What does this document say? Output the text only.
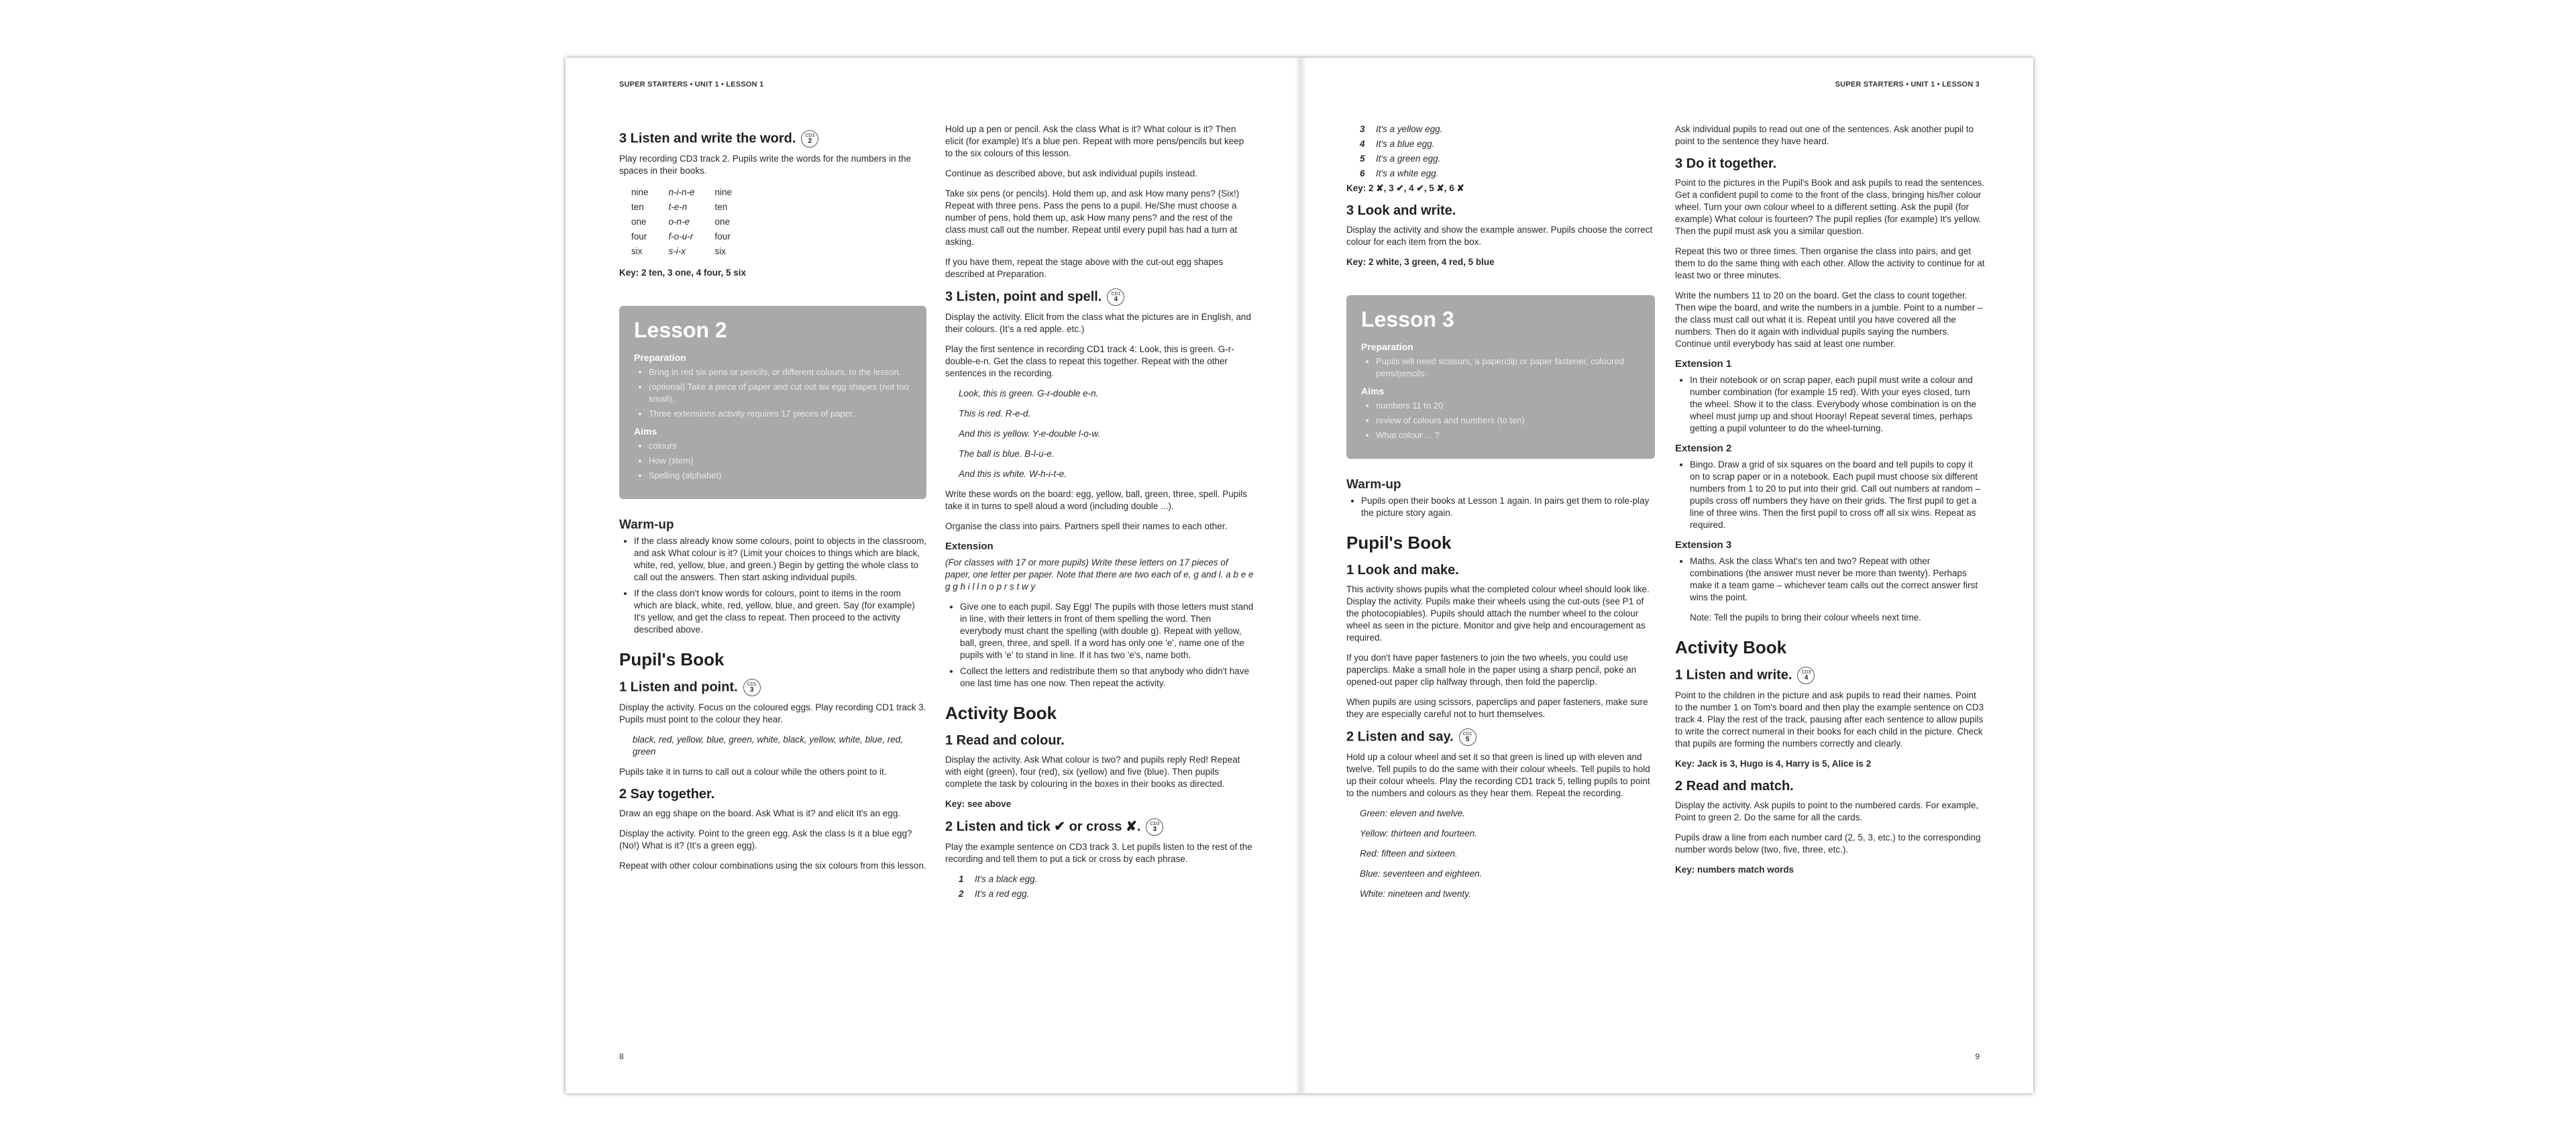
SUPER STARTERS • UNIT 1 • LESSON 1
3 Listen and write the word.	CD3
2

Play recording CD3 track 2. Pupils write the words for the numbers in the spaces in their books.

nine	n-i-n-e	nine
ten	t-e-n	ten
one	o-n-e	one
four	f-o-u-r	four
six	s-i-x	six

Key: 2 ten, 3 one, 4 four, 5 six

Lesson 2
Preparation
• Bring in red six pens or pencils, or different colours, to the lesson.
• (optional) Take a piece of paper and cut out six egg shapes (not too small).
• Three extensions activity requires 17 pieces of paper.
Aims
• colours
• How (stem)
• Spelling (alphabet)
Warm-up
• If the class already know some colours, point to objects in the classroom, and ask What colour is it? (Limit your choices to things which are black, white, red, yellow, blue, and green.) Begin by getting the whole class to call out the answers. Then start asking individual pupils.
• If the class don't know words for colours, point to items in the room which are black, white, red, yellow, blue, and green. Say (for example) It's yellow, and get the class to repeat. Then proceed to the activity described above.
Pupil's Book
1 Listen and point.	CD1
3

Display the activity. Focus on the coloured eggs. Play recording CD1 track 3. Pupils must point to the colour they hear.

black, red, yellow, blue, green, white, black, yellow, white, blue, red, green

Pupils take it in turns to call out a colour while the others point to it.

2 Say together.

Draw an egg shape on the board. Ask What is it? and elicit It's an egg.

Display the activity. Point to the green egg. Ask the class Is it a blue egg? (No!) What is it? (It's a green egg).

Repeat with other colour combinations using the six colours from this lesson.

Hold up a pen or pencil. Ask the class What is it? What colour is it? Then elicit (for example) It's a blue pen. Repeat with more pens/pencils but keep to the six colours of this lesson.

Continue as described above, but ask individual pupils instead.

Take six pens (or pencils). Hold them up, and ask How many pens? (Six!) Repeat with three pens. Pass the pens to a pupil. He/She must choose a number of pens, hold them up, ask How many pens? and the rest of the class must call out the number. Repeat until every pupil has had a turn at asking.

If you have them, repeat the stage above with the cut-out egg shapes described at Preparation.

3 Listen, point and spell.	CD1
4

Display the activity. Elicit from the class what the pictures are in English, and their colours. (It's a red apple. etc.)

Play the first sentence in recording CD1 track 4: Look, this is green. G-r-double-e-n. Get the class to repeat this together. Repeat with the other sentences in the recording.

Look, this is green. G-r-double e-n.

This is red. R-e-d.

And this is yellow. Y-e-double l-o-w.

The ball is blue. B-l-u-e.

And this is white. W-h-i-t-e.

Write these words on the board: egg, yellow, ball, green, three, spell. Pupils take it in turns to spell aloud a word (including double ...).

Organise the class into pairs. Partners spell their names to each other.

Extension

(For classes with 17 or more pupils) Write these letters on 17 pieces of paper, one letter per paper. Note that there are two each of e, g and l. a b e e g g h i l l n o p r s t w y

• Give one to each pupil. Say Egg! The pupils with those letters must stand in line, with their letters in front of them spelling the word. Then everybody must chant the spelling (with double g). Repeat with yellow, ball, green, three, and spell. If a word has only one 'e', name one of the pupils with 'e' to stand in line. If it has two 'e's, name both.
• Collect the letters and redistribute them so that anybody who didn't have one last time has one now. Then repeat the activity.
Activity Book
1 Read and colour.

Display the activity. Ask What colour is two? and pupils reply Red! Repeat with eight (green), four (red), six (yellow) and five (blue). Then pupils complete the task by colouring in the boxes in their books as directed.

Key: see above

2 Listen and tick ✔ or cross ✘.	CD3
3

Play the example sentence on CD3 track 3. Let pupils listen to the rest of the recording and tell them to put a tick or cross by each phrase.

1 It's a black egg.

2 It's a red egg.

8
SUPER STARTERS • UNIT 1 • LESSON 3

3 It's a yellow egg.

4 It's a blue egg.

5 It's a green egg.

6 It's a white egg.

Key: 2 ✘, 3 ✔, 4 ✔, 5 ✘, 6 ✘

3 Look and write.

Display the activity and show the example answer. Pupils choose the correct colour for each item from the box.

Key: 2 white, 3 green, 4 red, 5 blue

Lesson 3
Preparation
• Pupils will need scissors, a paperclip or paper fastener, coloured pens/pencils.
Aims
• numbers 11 to 20
• review of colours and numbers (to ten)
• What colour ... ?
Warm-up
• Pupils open their books at Lesson 1 again. In pairs get them to role-play the picture story again.
Pupil's Book
1 Look and make.

This activity shows pupils what the completed colour wheel should look like. Display the activity. Pupils make their wheels using the cut-outs (see P1 of the photocopiables). Pupils should attach the number wheel to the colour wheel as seen in the picture. Monitor and give help and encouragement as required.

If you don't have paper fasteners to join the two wheels, you could use paperclips. Make a small hole in the paper using a sharp pencil, poke an opened-out paper clip halfway through, then fold the paperclip.

When pupils are using scissors, paperclips and paper fasteners, make sure they are especially careful not to hurt themselves.

2 Listen and say.	CD1
5

Hold up a colour wheel and set it so that green is lined up with eleven and twelve. Tell pupils to do the same with their colour wheels. Tell pupils to hold up their colour wheels. Play the recording CD1 track 5, telling pupils to point to the numbers and colours as they hear them. Repeat the recording.

Green: eleven and twelve.

Yellow: thirteen and fourteen.

Red: fifteen and sixteen.

Blue: seventeen and eighteen.

White: nineteen and twenty.

Ask individual pupils to read out one of the sentences. Ask another pupil to point to the sentence they have heard.

3 Do it together.

Point to the pictures in the Pupil's Book and ask pupils to read the sentences. Get a confident pupil to come to the front of the class, bringing his/her colour wheel. Turn your own colour wheel to a different setting. Ask the pupil (for example) What colour is fourteen? The pupil replies (for example) It's yellow. Then the pupil must ask you a similar question.

Repeat this two or three times. Then organise the class into pairs, and get them to do the same thing with each other. Allow the activity to continue for at least two or three minutes.

Write the numbers 11 to 20 on the board. Get the class to count together. Then wipe the board, and write the numbers in a jumble. Point to a number – the class must call out what it is. Repeat until you have covered all the numbers. Then do it again with individual pupils saying the numbers. Continue until everybody has said at least one number.

Extension 1
• In their notebook or on scrap paper, each pupil must write a colour and number combination (for example 15 red). With your eyes closed, turn the wheel. Show it to the class. Everybody whose combination is on the wheel must jump up and shout Hooray! Repeat several times, perhaps getting a pupil volunteer to do the wheel-turning.
Extension 2
• Bingo. Draw a grid of six squares on the board and tell pupils to copy it on to scrap paper or in a notebook. Each pupil must choose six different numbers from 1 to 20 to put into their grid. Call out numbers at random – pupils cross off numbers they have on their grids. The first pupil to get a line of three wins. Then the first pupil to cross off all six wins. Repeat as required.
Extension 3
• Maths. Ask the class What's ten and two? Repeat with other combinations (the answer must never be more than twenty). Perhaps make it a team game – whichever team calls out the correct answer first wins the point.

Note: Tell the pupils to bring their colour wheels next time.

Activity Book
1 Listen and write.	CD3
4

Point to the children in the picture and ask pupils to read their names. Point to the number 1 on Tom's board and then play the example sentence on CD3 track 4. Play the rest of the track, pausing after each sentence to allow pupils to write the correct numeral in their books for each child in the picture. Check that pupils are forming the numbers correctly and clearly.

Key: Jack is 3, Hugo is 4, Harry is 5, Alice is 2

2 Read and match.

Display the activity. Ask pupils to point to the numbered cards. For example, Point to green 2. Do the same for all the cards.

Pupils draw a line from each number card (2, 5, 3, etc.) to the corresponding number words below (two, five, three, etc.).

Key: numbers match words

9
